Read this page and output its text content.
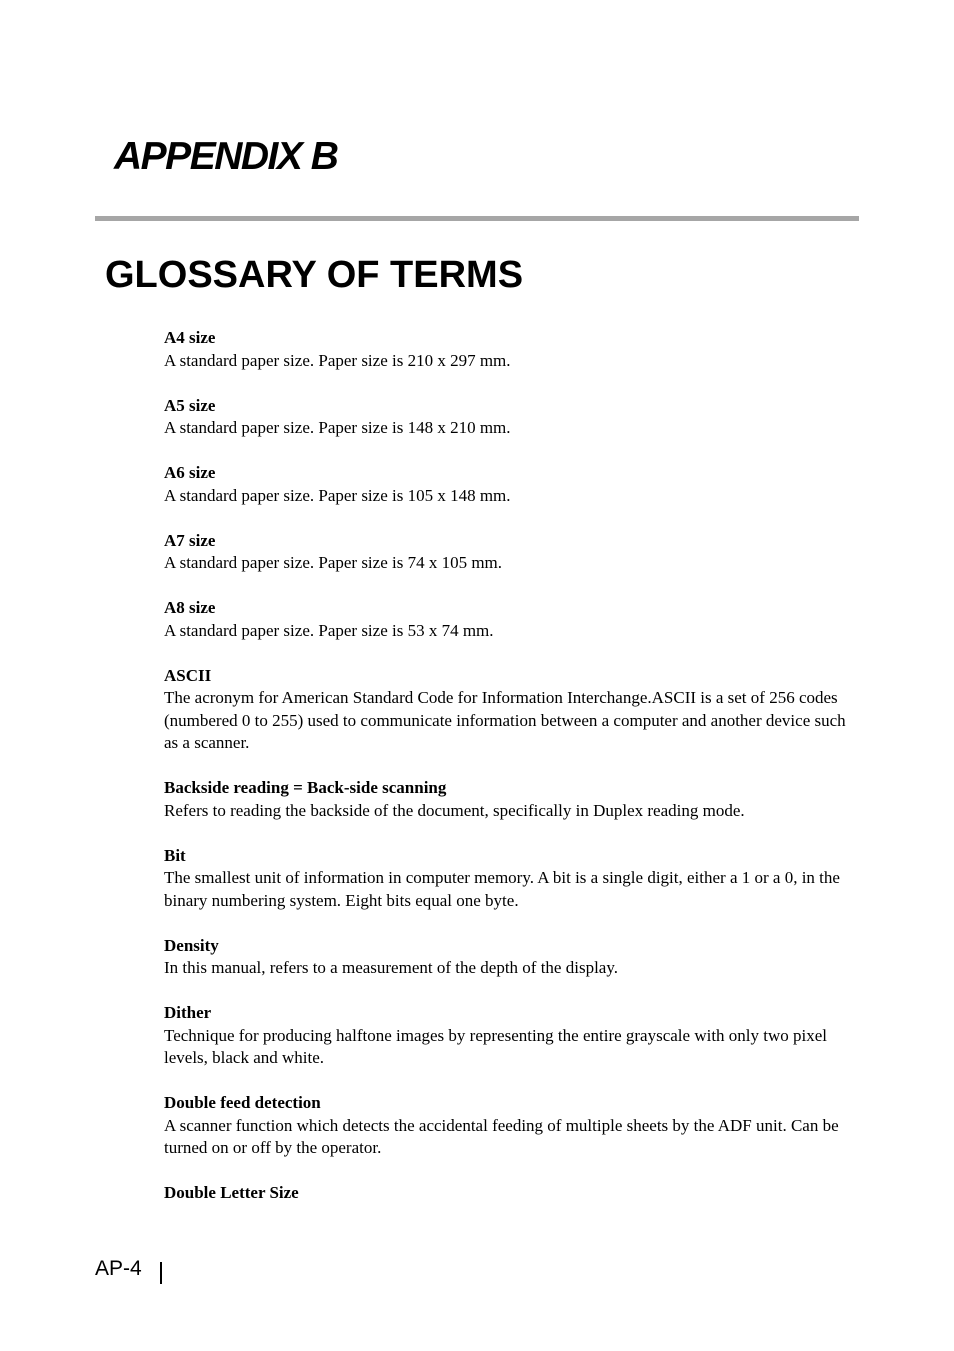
APPENDIX B
GLOSSARY OF TERMS
A4 size
A standard paper size. Paper size is 210 x 297 mm.
A5 size
A standard paper size. Paper size is 148 x 210 mm.
A6 size
A standard paper size. Paper size is 105 x 148 mm.
A7 size
A standard paper size. Paper size is 74 x 105 mm.
A8 size
A standard paper size. Paper size is 53 x 74 mm.
ASCII
The acronym for American Standard Code for Information Interchange.ASCII is a set of 256 codes (numbered 0 to 255) used to communicate information between a computer and another device such as a scanner.
Backside reading = Back-side scanning
Refers to reading the backside of the document, specifically in Duplex reading mode.
Bit
The smallest unit of information in computer memory. A bit is a single digit, either a 1 or a 0, in the binary numbering system. Eight bits equal one byte.
Density
In this manual, refers to a measurement of the depth of the display.
Dither
Technique for producing halftone images by representing the entire grayscale with only two pixel levels, black and white.
Double feed detection
A scanner function which detects the accidental feeding of multiple sheets by the ADF unit. Can be turned on or off by the operator.
Double Letter Size
AP-4
